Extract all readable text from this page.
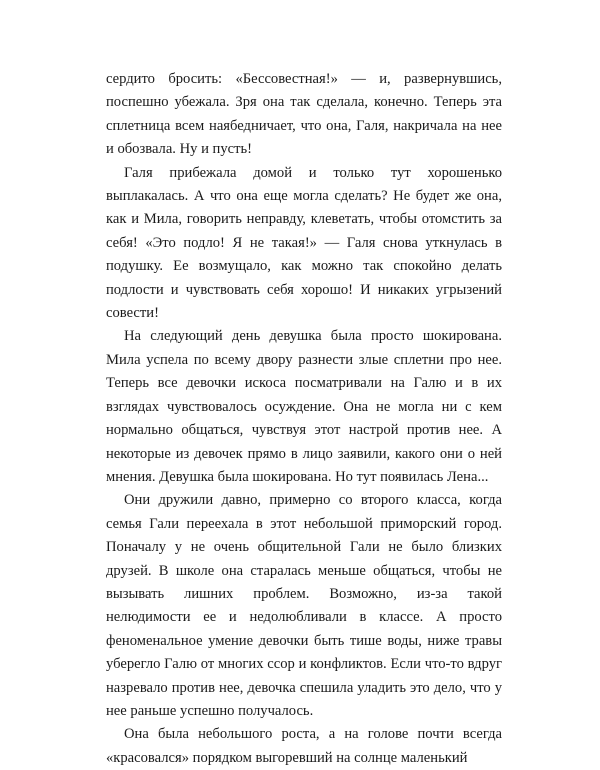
сердито бросить: «Бессовестная!» — и, развернувшись, поспешно убежала. Зря она так сделала, конечно. Теперь эта сплетница всем наябедничает, что она, Галя, накричала на нее и обозвала. Ну и пусть!

Галя прибежала домой и только тут хорошенько выплакалась. А что она еще могла сделать? Не будет же она, как и Мила, говорить неправду, клеветать, чтобы отомстить за себя! «Это подло! Я не такая!» — Галя снова уткнулась в подушку. Ее возмущало, как можно так спокойно делать подлости и чувствовать себя хорошо! И никаких угрызений совести!

На следующий день девушка была просто шокирована. Мила успела по всему двору разнести злые сплетни про нее. Теперь все девочки искоса посматривали на Галю и в их взглядах чувствовалось осуждение. Она не могла ни с кем нормально общаться, чувствуя этот настрой против нее. А некоторые из девочек прямо в лицо заявили, какого они о ней мнения. Девушка была шокирована. Но тут появилась Лена...

Они дружили давно, примерно со второго класса, когда семья Гали переехала в этот небольшой приморский город. Поначалу у не очень общительной Гали не было близких друзей. В школе она старалась меньше общаться, чтобы не вызывать лишних проблем. Возможно, из-за такой нелюдимости ее и недолюбливали в классе. А просто феноменальное умение девочки быть тише воды, ниже травы уберегло Галю от многих ссор и конфликтов. Если что-то вдруг назревало против нее, девочка спешила уладить это дело, что у нее раньше успешно получалось.

Она была небольшого роста, а на голове почти всегда «красовался» порядком выгоревший на солнце маленький
